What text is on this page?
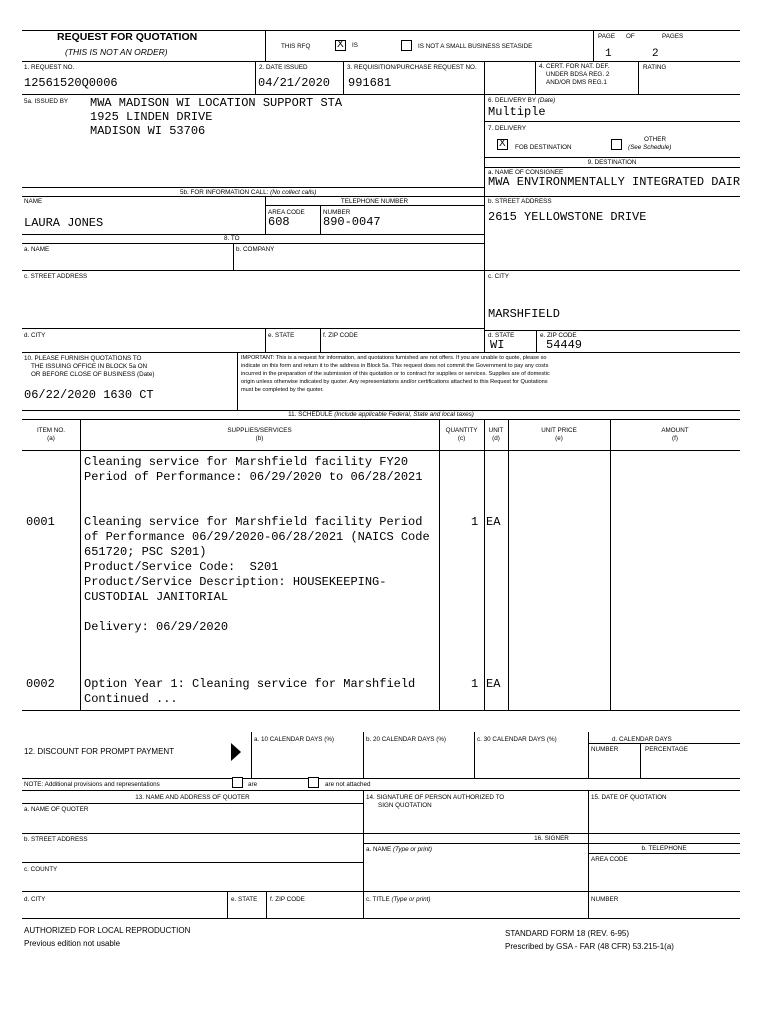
REQUEST FOR QUOTATION
(THIS IS NOT AN ORDER)
THIS RFQ
X	IS	IS NOT A SMALL BUSINESS SETASIDE
PAGE OF	PAGES
1	2
1. REQUEST NO.
12561520Q0006
2. DATE ISSUED
04/21/2020
3. REQUISITION/PURCHASE REQUEST NO.
991681
4. CERT. FOR NAT. DEF.
UNDER BDSA REG. 2
AND/OR DMS REG.1
RATING
5a. ISSUED BY MWA MADISON WI LOCATION SUPPORT STA
1925 LINDEN DRIVE
MADISON WI 53706
6. DELIVERY BY (Date)
Multiple
7. DELIVERY
X
FOB DESTINATION
OTHER
(See Schedule)
9. DESTINATION
a. NAME OF CONSIGNEE
MWA ENVIRONMENTALLY INTEGRATED DAIR
b. STREET ADDRESS
2615 YELLOWSTONE DRIVE
c. CITY
MARSHFIELD
d. STATE
WI
e. ZIP CODE
54449
5b. FOR INFORMATION CALL: (No collect calls)
NAME
LAURA JONES
TELEPHONE NUMBER
AREA CODE
608
NUMBER
890-0047
8. TO
a. NAME	b. COMPANY
c. STREET ADDRESS
d. CITY	e. STATE	f. ZIP CODE
10. PLEASE FURNISH QUOTATIONS TO
THE ISSUING OFFICE IN BLOCK 5a ON
OR BEFORE CLOSE OF BUSINESS (Date)
06/22/2020 1630 CT
IMPORTANT: This is a request for information, and quotations furnished are not offers. If you are unable to quote, please so
indicate on this form and return it to the address in Block 5a. This request does not commit the Government to pay any costs
incurred in the preparation of the submission of this quotation or to contract for supplies or services. Supplies are of domestic
origin unless otherwise indicated by quoter. Any representations and/or certifications attached to this Request for Quotations
must be completed by the quoter.
11. SCHEDULE (Include applicable Federal, State and local taxes)
ITEM NO.
(a)
SUPPLIES/SERVICES
(b)
QUANTITY
(c)
UNIT
(d)
UNIT PRICE
(e)
AMOUNT
(f)
Cleaning service for Marshfield facility FY20
Period of Performance: 06/29/2020 to 06/28/2021
0001 Cleaning service for Marshfield facility Period
of Performance 06/29/2020-06/28/2021 (NAICS Code
651720; PSC S201)
Product/Service Code:  S201
Product/Service Description: HOUSEKEEPING-
CUSTODIAL JANITORIAL

Delivery: 06/29/2020
1 EA
0002 Option Year 1: Cleaning service for Marshfield
Continued ...
1 EA
12. DISCOUNT FOR PROMPT PAYMENT
a. 10 CALENDAR DAYS (%)	b. 20 CALENDAR DAYS (%)	c. 30 CALENDAR DAYS (%)	d. CALENDAR DAYS
NUMBER	PERCENTAGE
NOTE: Additional provisions and representations	are	are not attached
13. NAME AND ADDRESS OF QUOTER
a. NAME OF QUOTER
b. STREET ADDRESS
c. COUNTY
d. CITY	e. STATE f. ZIP CODE
14. SIGNATURE OF PERSON AUTHORIZED TO
SIGN QUOTATION
15. DATE OF QUOTATION
16. SIGNER
a. NAME (Type or print)	b. TELEPHONE
AREA CODE
c. TITLE (Type or print)	NUMBER
AUTHORIZED FOR LOCAL REPRODUCTION
Previous edition not usable
STANDARD FORM 18 (REV. 6-95)
Prescribed by GSA - FAR (48 CFR) 53.215-1(a)
